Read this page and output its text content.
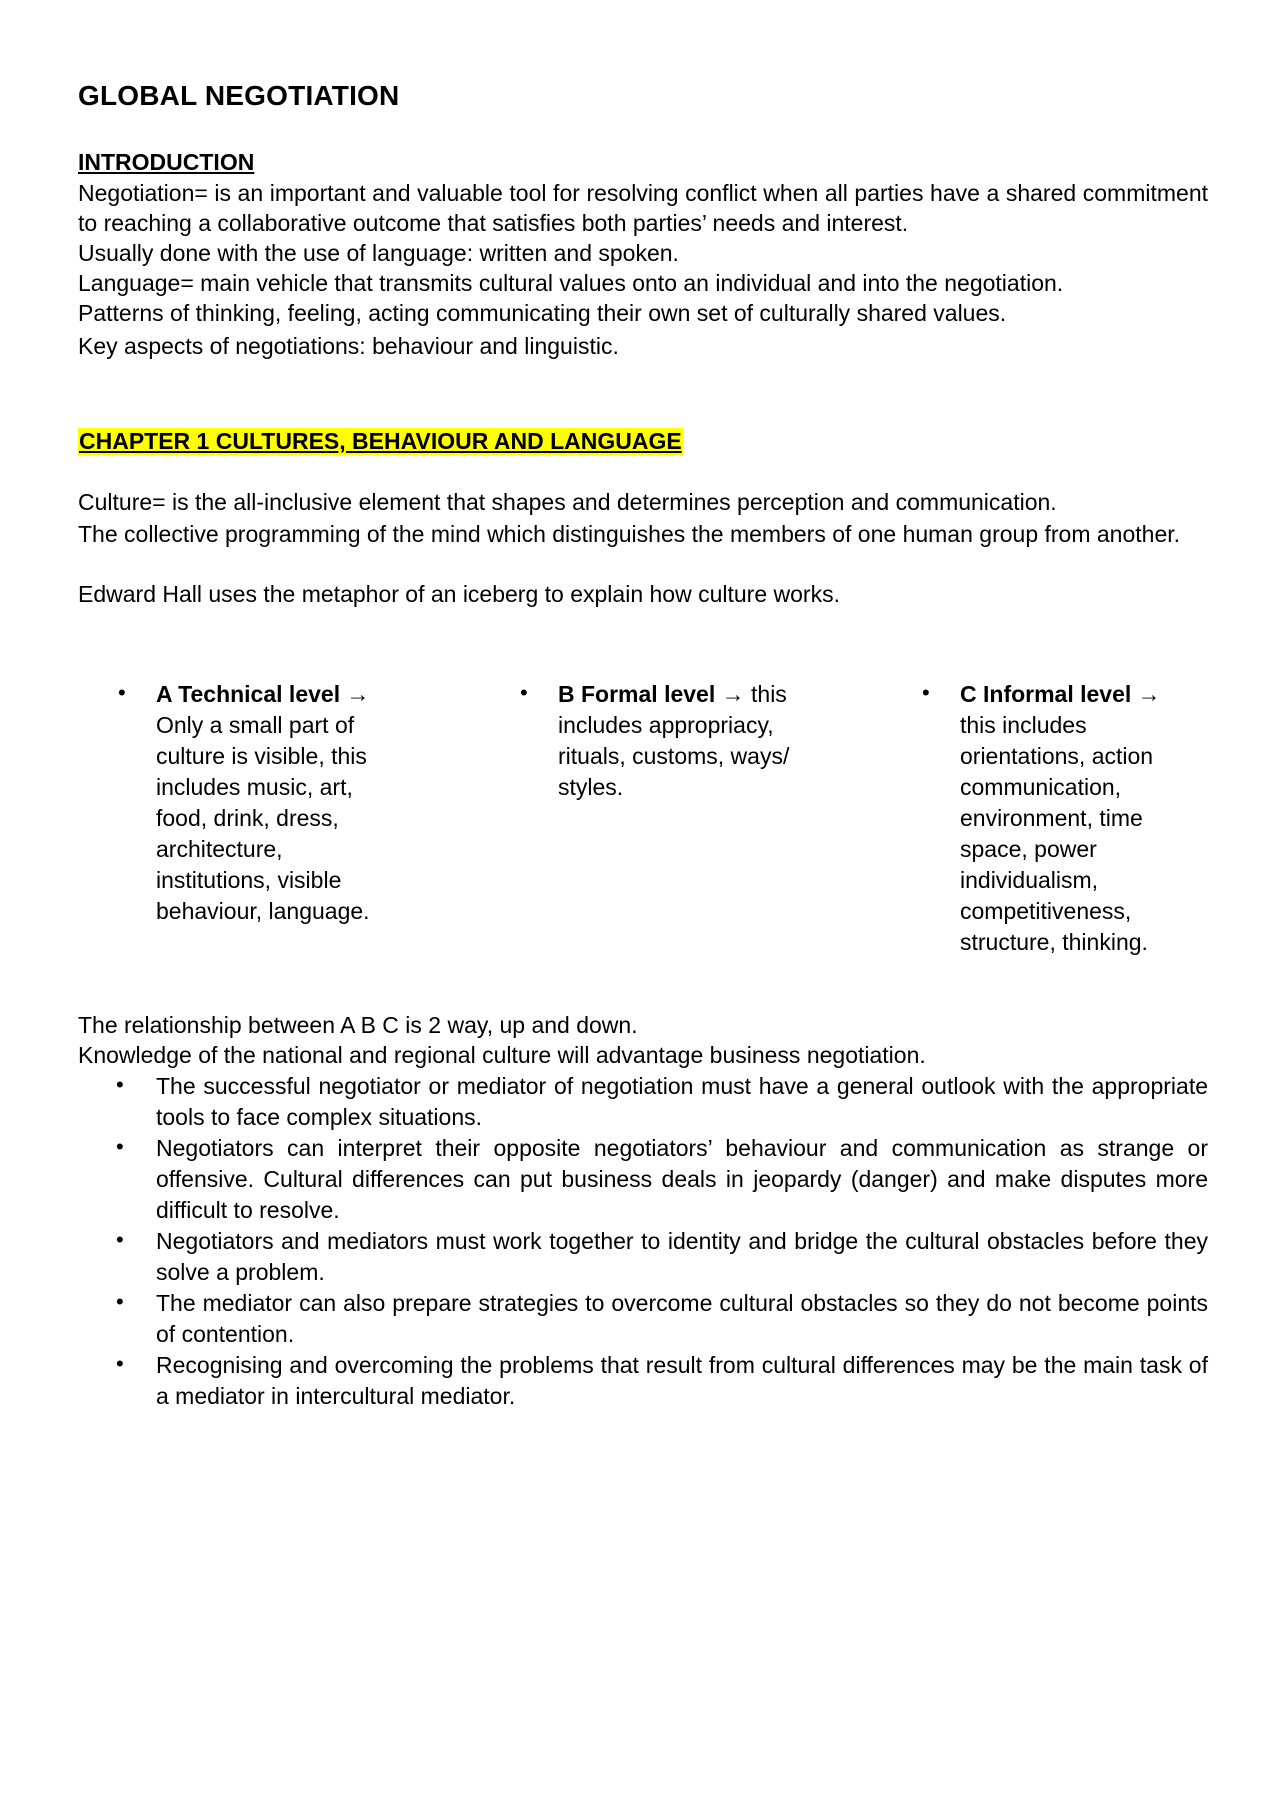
GLOBAL NEGOTIATION
INTRODUCTION

Negotiation= is an important and valuable tool for resolving conflict when all parties have a shared commitment to reaching a collaborative outcome that satisfies both parties’ needs and interest.

Usually done with the use of language: written and spoken.

Language= main vehicle that transmits cultural values onto an individual and into the negotiation.

Patterns of thinking, feeling, acting communicating their own set of culturally shared values.

Key aspects of negotiations: behaviour and linguistic.

CHAPTER 1 CULTURES, BEHAVIOUR AND LANGUAGE

Culture= is the all-inclusive element that shapes and determines perception and communication.

The collective programming of the mind which distinguishes the members of one human group from another.

Edward Hall uses the metaphor of an iceberg to explain how culture works.

• A Technical level → Only a small part of culture is visible, this includes music, art, food, drink, dress, architecture, institutions, visible behaviour, language.
• B Formal level → this includes appropriacy, rituals, customs, ways/ styles.
• C Informal level → this includes orientations, action communication, environment, time space, power individualism, competitiveness, structure, thinking.

The relationship between A B C is 2 way, up and down.

Knowledge of the national and regional culture will advantage business negotiation.

• The successful negotiator or mediator of negotiation must have a general outlook with the appropriate tools to face complex situations.
• Negotiators can interpret their opposite negotiators’ behaviour and communication as strange or offensive. Cultural differences can put business deals in jeopardy (danger) and make disputes more difficult to resolve.
• Negotiators and mediators must work together to identity and bridge the cultural obstacles before they solve a problem.
• The mediator can also prepare strategies to overcome cultural obstacles so they do not become points of contention.
• Recognising and overcoming the problems that result from cultural differences may be the main task of a mediator in intercultural mediator.
